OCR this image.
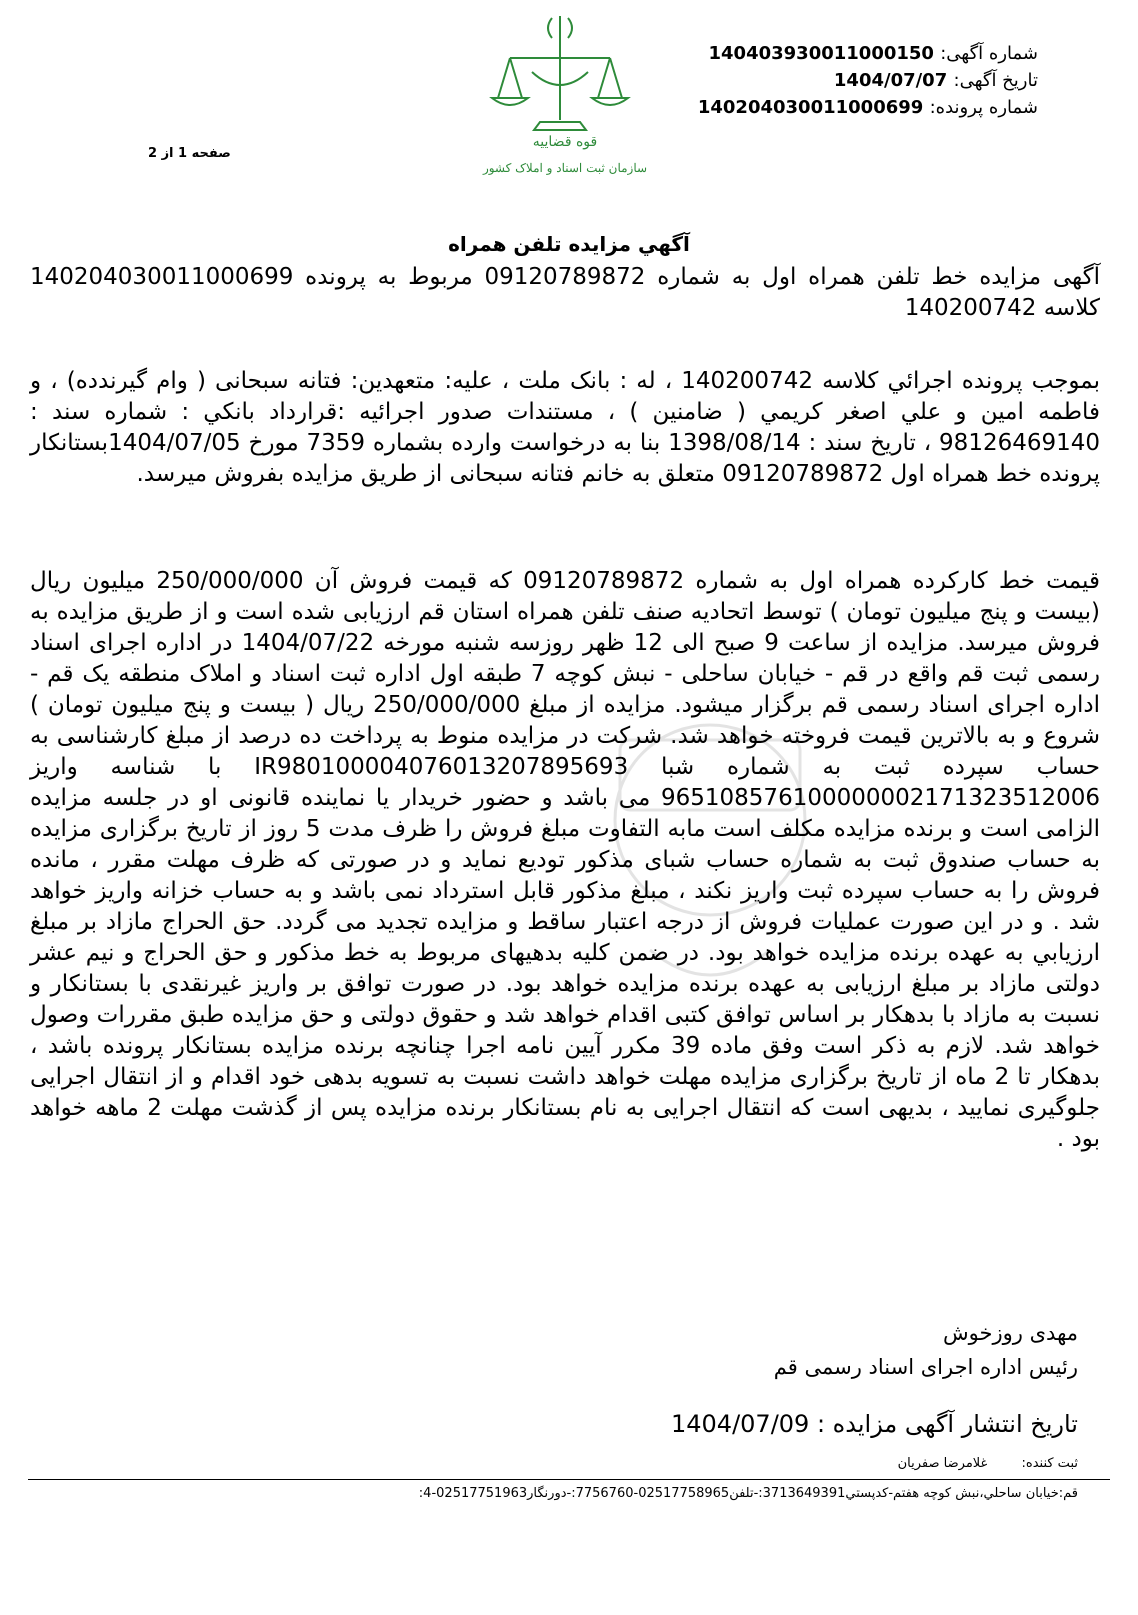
شماره آگهی: 140403930011000150
تاریخ آگهی: 1404/07/07
شماره پرونده: 140204030011000699
صفحه 1 از 2
قوه قضاییه
سازمان ثبت اسناد و املاک کشور
آگهي مزايده تلفن همراه

آگهی مزایده خط تلفن همراه اول به شماره 09120789872 مربوط به پرونده 140204030011000699 کلاسه 140200742

بموجب پرونده اجرائي کلاسه 140200742 ، له : بانک ملت ، علیه: متعهدین: فتانه سبحانی ( وام گیرندده) ، و فاطمه امین و علي اصغر کريمي ( ضامنين ) ، مستندات صدور اجرائيه :قرارداد بانکي : شماره سند : 98126469140 ، تاريخ سند : 1398/08/14 بنا به درخواست وارده بشماره 7359 مورخ 1404/07/05بستانکار پرونده خط همراه اول 09120789872 متعلق به خانم فتانه سبحانی از طریق مزایده بفروش میرسد.

قیمت خط کارکرده همراه اول به شماره 09120789872 که قیمت فروش آن 250/000/000 میلیون ریال (بیست و پنج میلیون تومان ) توسط اتحادیه صنف تلفن همراه استان قم ارزیابی شده است و از طریق مزایده به فروش میرسد. مزایده از ساعت 9 صبح الی 12 ظهر روزسه شنبه مورخه 1404/07/22 در اداره اجرای اسناد رسمی ثبت قم واقع در قم - خیابان ساحلی - نبش کوچه 7 طبقه اول اداره ثبت اسناد و املاک منطقه یک قم - اداره اجرای اسناد رسمی قم برگزار میشود. مزایده از مبلغ 250/000/000 ریال ( بیست و پنج میلیون تومان ) شروع و به بالاترین قیمت فروخته خواهد شد. شرکت در مزایده منوط به پرداخت ده درصد از مبلغ کارشناسی به حساب سپرده ثبت به شماره شبا IR980100004076013207895693 با شناسه واریز 965108576100000002171323512006 می باشد و حضور خریدار یا نماینده قانونی او در جلسه مزایده الزامی است و برنده مزایده مکلف است مابه التفاوت مبلغ فروش را ظرف مدت 5 روز از تاریخ برگزاری مزایده به حساب صندوق ثبت به شماره حساب شبای مذکور تودیع نماید و در صورتی که ظرف مهلت مقرر ، مانده فروش را به حساب سپرده ثبت واریز نکند ، مبلغ مذکور قابل استرداد نمی باشد و به حساب خزانه واریز خواهد شد . و در این صورت عملیات فروش از درجه اعتبار ساقط و مزایده تجدید می گردد. حق الحراج مازاد بر مبلغ ارزيابي به عهده برنده مزايده خواهد بود. در ضمن کلیه بدهیهای مربوط به خط مذکور و حق الحراج و نیم عشر دولتی مازاد بر مبلغ ارزیابی به عهده برنده مزایده خواهد بود. در صورت توافق بر واریز غیرنقدی با بستانکار و نسبت به مازاد با بدهکار بر اساس توافق کتبی اقدام خواهد شد و حقوق دولتی و حق مزایده طبق مقررات وصول خواهد شد. لازم به ذکر است وفق ماده 39 مکرر آیین نامه اجرا چنانچه برنده مزایده بستانکار پرونده باشد ، بدهکار تا 2 ماه از تاریخ برگزاری مزایده مهلت خواهد داشت نسبت به تسویه بدهی خود اقدام و از انتقال اجرایی جلوگیری نمایید ، بدیهی است که انتقال اجرایی به نام بستانکار برنده مزایده پس از گذشت مهلت 2 ماهه خواهد بود .

مهدی روزخوش
رئیس اداره اجرای اسناد رسمی قم
تاریخ انتشار آگهی مزایده : 1404/07/09
ثبت کننده: غلامرضا صفريان
قم:خيابان ساحلي،نبش کوچه هفتم-کدپستي3713649391:-تلفن02517758965-7756760:-دورنگار02517751963-4:
